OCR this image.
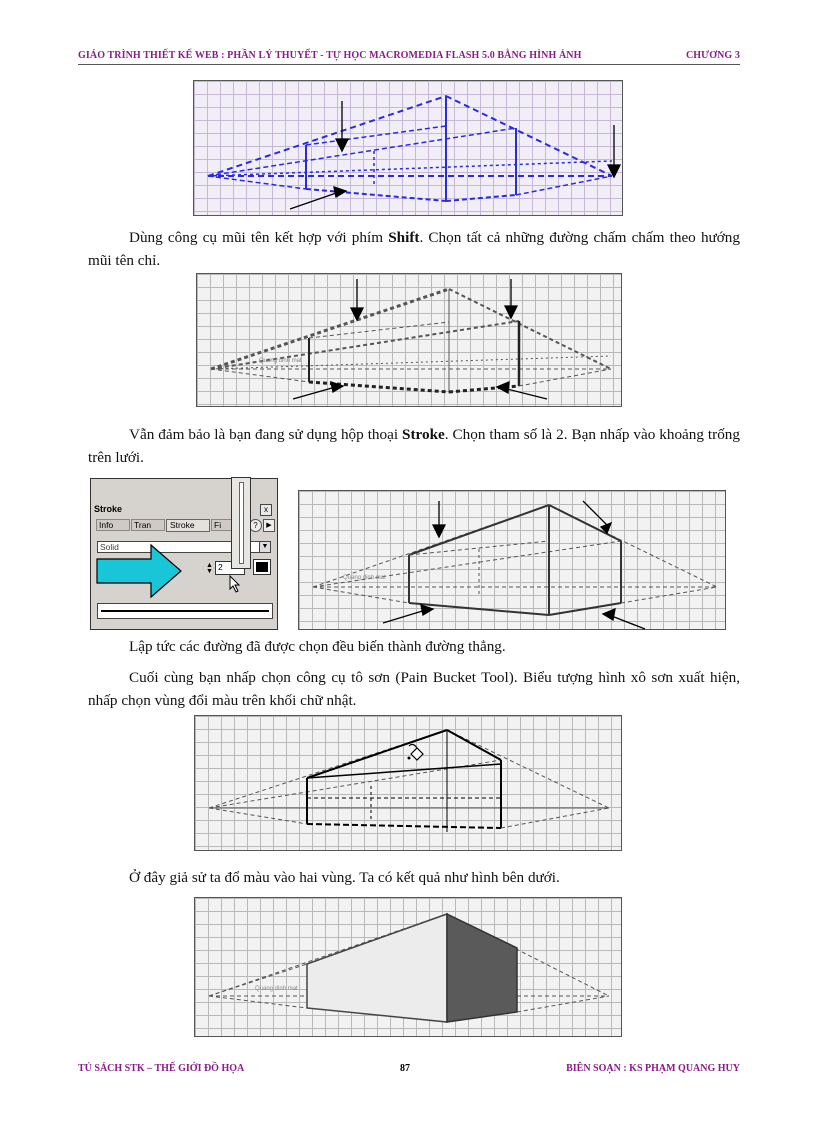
GIÁO TRÌNH THIẾT KẾ WEB : PHẦN LÝ THUYẾT - TỰ HỌC MACROMEDIA FLASH 5.0 BẰNG HÌNH ẢNH	CHƯƠNG 3
Dùng công cụ mũi tên kết hợp với phím Shift. Chọn tất cả những đường chấm chấm theo hướng mũi tên chỉ.
Quang dinh mat
Vẫn đảm bảo là bạn đang sử dụng hộp thoại Stroke. Chọn tham số là 2. Bạn nhấp vào khoảng trống trên lưới.
Stroke	x
Info	Tran	Stroke	Fi	?	▶
Solid	▼
▲
▼ 2
Quang dinh mat
Lập tức các đường đã được chọn đều biến thành đường thẳng.
Cuối cùng bạn nhấp chọn công cụ tô sơn (Pain Bucket Tool). Biểu tượng hình xô sơn xuất hiện, nhấp chọn vùng đổi màu trên khối chữ nhật.
Ở đây giả sử ta đổ màu vào hai vùng. Ta có kết quả như hình bên dưới.
Quang dinh mat
TỦ SÁCH STK – THẾ GIỚI ĐỒ HỌA	87	BIÊN SOẠN : KS PHẠM QUANG HUY
